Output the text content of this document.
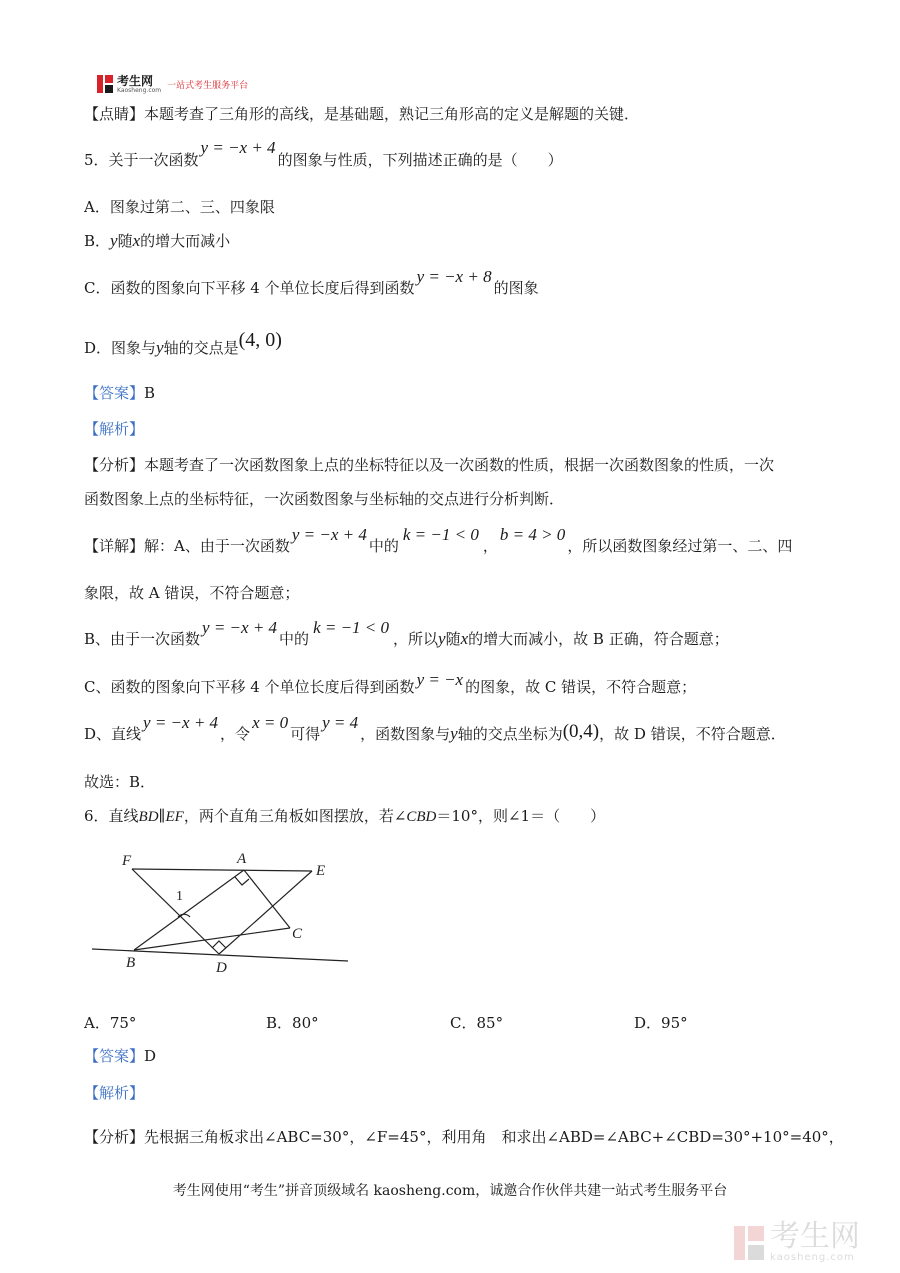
考生网
Kaosheng.com 一站式考生服务平台
【点睛】本题考查了三角形的高线，是基础题，熟记三角形高的定义是解题的关键．
5．关于一次函数y = −x + 4的图象与性质，下列描述正确的是（　　）
A．图象过第二、三、四象限
B．y随x的增大而减小
C．函数的图象向下平移 4 个单位长度后得到函数y = −x + 8的图象
D．图象与y轴的交点是(4, 0)
【答案】B
【解析】
【分析】本题考查了一次函数图象上点的坐标特征以及一次函数的性质，根据一次函数图象的性质，一次
函数图象上点的坐标特征，一次函数图象与坐标轴的交点进行分析判断．
【详解】解：A、由于一次函数y = −x + 4中的k = −1 < 0，b = 4 > 0，所以函数图象经过第一、二、四
象限，故 A 错误，不符合题意；
B、由于一次函数y = −x + 4中的k = −1 < 0，所以y随x的增大而减小，故 B 正确，符合题意；
C、函数的图象向下平移 4 个单位长度后得到函数 y = −x 的图象，故 C 错误，不符合题意；
D、直线y = −x + 4，令x = 0可得y = 4，函数图象与y轴的交点坐标为(0,4)，故 D 错误，不符合题意．
故选：B．
6．直线BD∥EF，两个直角三角板如图摆放，若∠CBD＝10°，则∠1＝（　　）
F	A
E
C
B	D
1
A．75°	B．80°	C．85°	D．95°
【答案】D
【解析】
【分析】先根据三角板求出∠ABC=30°，∠F=45°，利用角　和求出∠ABD=∠ABC+∠CBD=30°+10°=40°，
考生网使用“考生”拼音顶级域名 kaosheng.com，诚邀合作伙伴共建一站式考生服务平台
考生网
kaosheng.com
